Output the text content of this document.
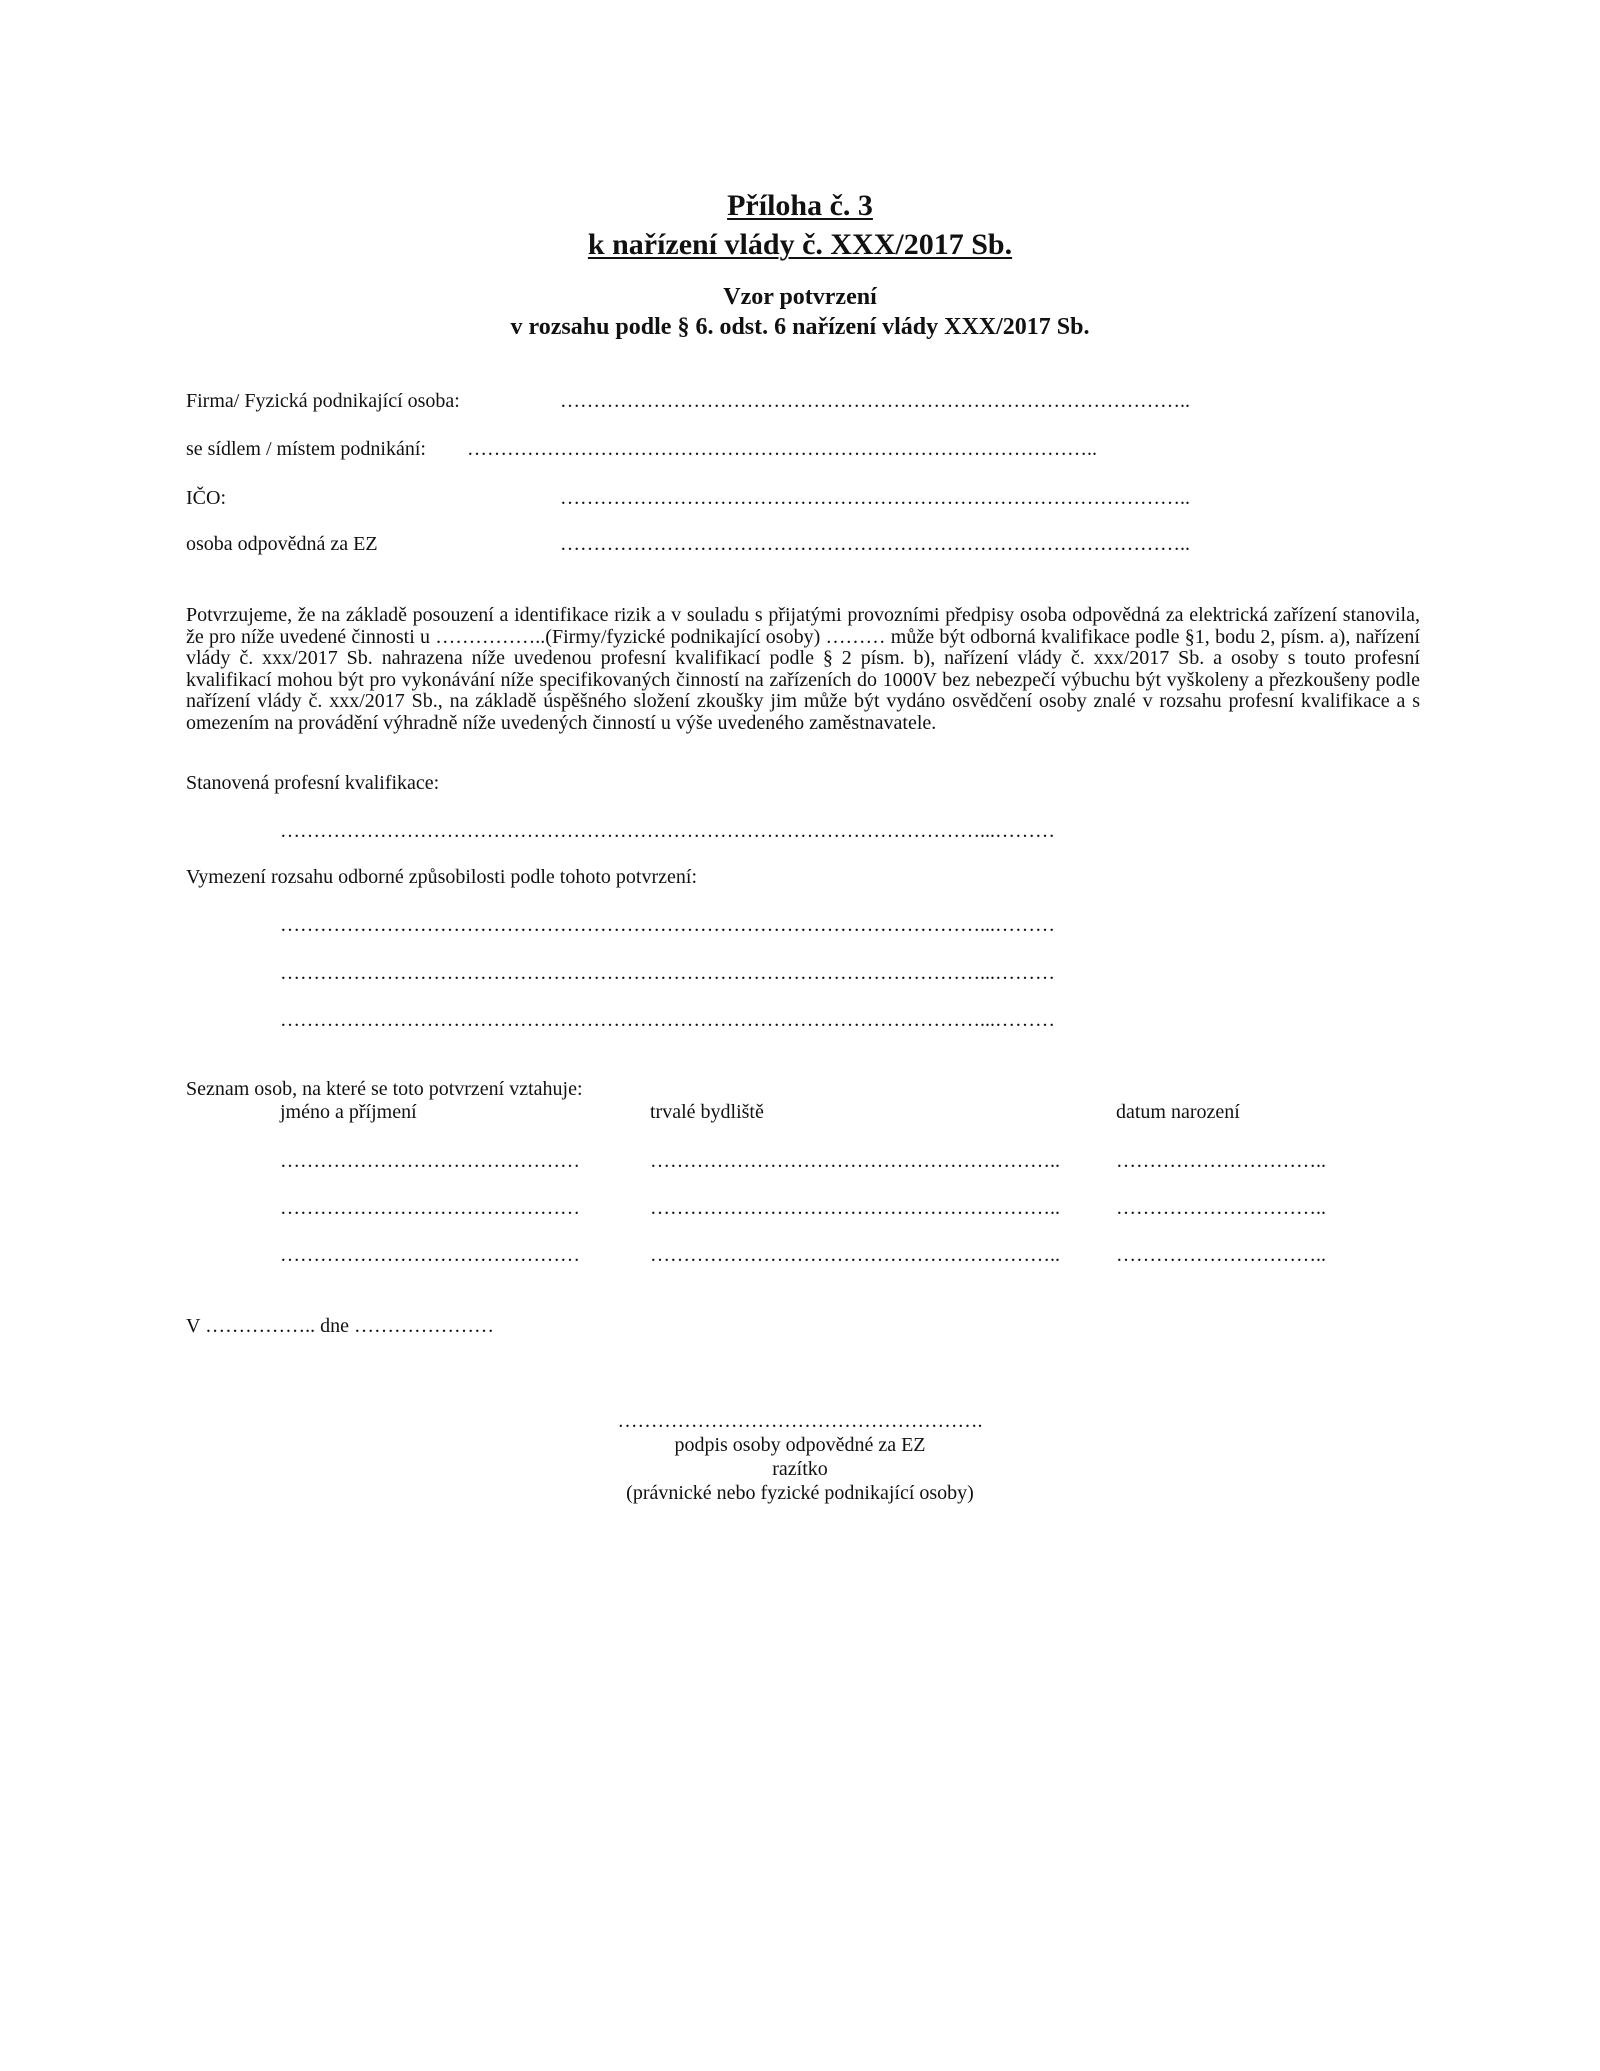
Příloha č. 3
k nařízení vlády č. XXX/2017 Sb.
Vzor potvrzení
v rozsahu podle § 6. odst. 6 nařízení vlády XXX/2017 Sb.
Firma/ Fyzická podnikající osoba:	…………………………………………………………………………………..
se sídlem / místem podnikání: …………………………………………………………………………………..
IČO:	…………………………………………………………………………………..
osoba odpovědná za EZ	…………………………………………………………………………………..
Potvrzujeme, že na základě posouzení a identifikace rizik a v souladu s přijatými provozními předpisy osoba odpovědná za elektrická zařízení stanovila, že pro níže uvedené činnosti u ……………..(Firmy/fyzické podnikající osoby) ……… může být odborná kvalifikace podle §1, bodu 2, písm. a), nařízení vlády č. xxx/2017 Sb. nahrazena níže uvedenou profesní kvalifikací podle § 2 písm. b), nařízení vlády č. xxx/2017 Sb. a osoby s touto profesní kvalifikací mohou být pro vykonávání níže specifikovaných činností na zařízeních do 1000V bez nebezpečí výbuchu být vyškoleny a přezkoušeny podle nařízení vlády č. xxx/2017 Sb., na základě úspěšného složení zkoušky jim může být vydáno osvědčení osoby znalé v rozsahu profesní kvalifikace a s omezením na provádění výhradně níže uvedených činností u výše uvedeného zaměstnavatele.
Stanovená profesní kvalifikace:
……………………………………………………………………………………………...………
Vymezení rozsahu odborné způsobilosti podle tohoto potvrzení:
……………………………………………………………………………………………...………
……………………………………………………………………………………………...………
……………………………………………………………………………………………...………
Seznam osob, na které se toto potvrzení vztahuje:
jméno a příjmení	trvalé bydliště	datum narození
………………………………………	……………………………………………………..	…………………………..
………………………………………	……………………………………………………..	…………………………..
………………………………………	……………………………………………………..	…………………………..
V …………….. dne …………………
……………………………………………….
podpis osoby odpovědné za EZ
razítko
(právnické nebo fyzické podnikající osoby)
